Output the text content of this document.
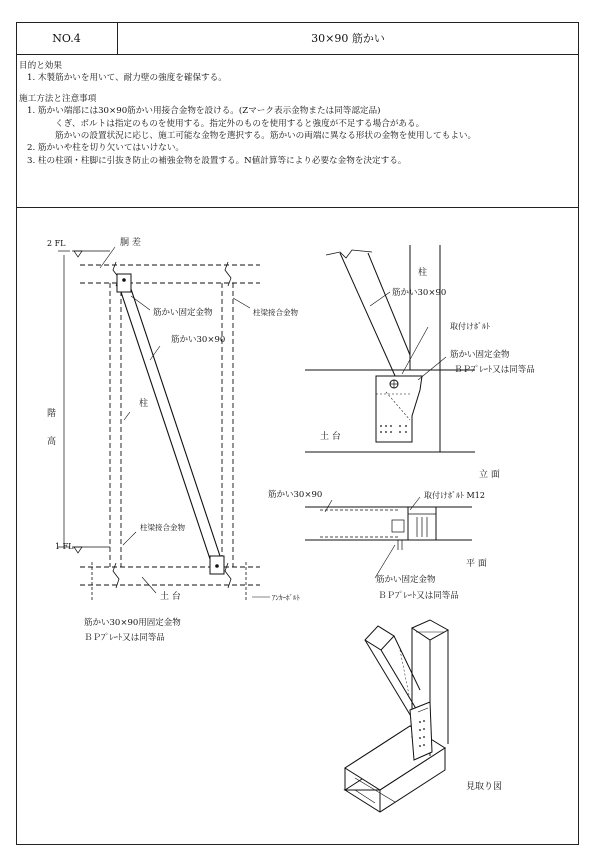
NO.4	30×90 筋かい
目的と効果
1. 木製筋かいを用いて、耐力壁の強度を確保する。
施工方法と注意事項
1. 筋かい端部には30×90筋かい用接合金物を設ける。(Zマーク表示金物または同等認定品)
くぎ、ボルトは指定のものを使用する。指定外のものを使用すると強度が不足する場合がある。
筋かいの設置状況に応じ、施工可能な金物を選択する。筋かいの両端に異なる形状の金物を使用してもよい。
2. 筋かいや柱を切り欠いてはいけない。
3. 柱の柱頭・柱脚に引抜き防止の補強金物を設置する。N値計算等により必要な金物を決定する。
2 FL	胴 差
筋かい固定金物	柱梁接合金物
筋かい30×90
階 高
柱
柱梁接合金物
1 FL
土 台	ｱﾝｶｰﾎﾞﾙﾄ
筋かい30×90用固定金物
ＢＰﾌﾟﾚｰﾄ又は同等品
柱
筋かい30×90
取付けﾎﾞﾙﾄ
筋かい固定金物
ＢＰﾌﾟﾚｰﾄ又は同等品
土 台
立 面
筋かい30×90	取付けﾎﾞﾙﾄ M12
平 面
筋かい固定金物
ＢＰﾌﾟﾚｰﾄ又は同等品
見取り図
